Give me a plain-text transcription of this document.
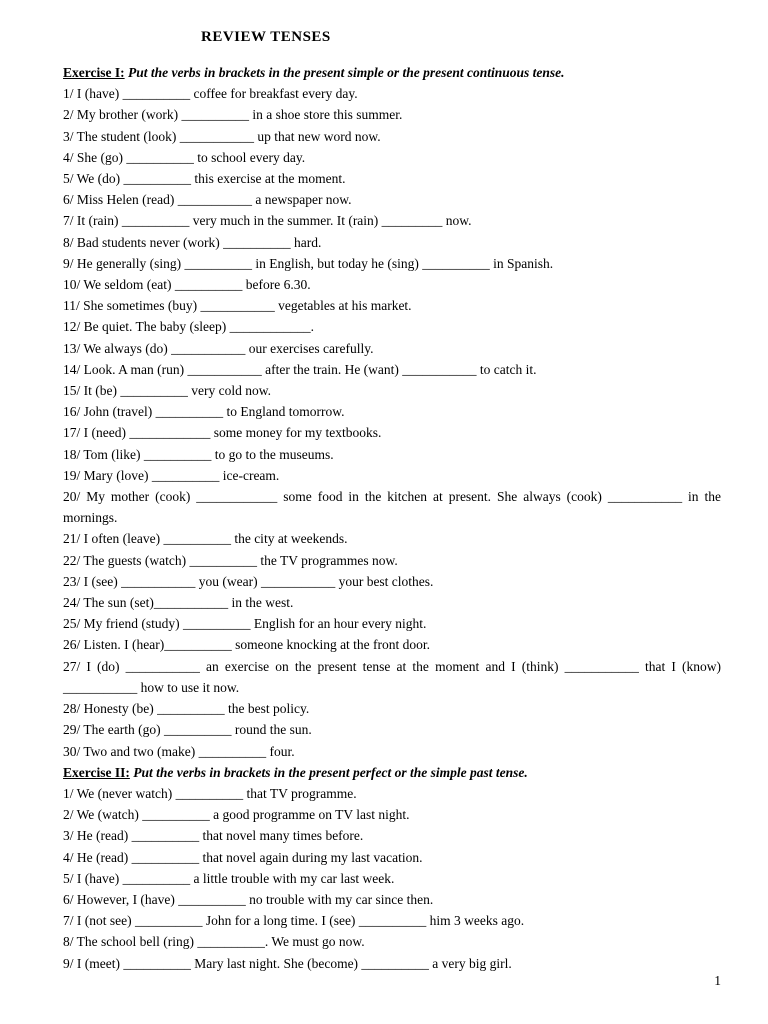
REVIEW TENSES
Exercise I: Put the verbs in brackets in the present simple or the present continuous tense.
1/ I (have) __________ coffee for breakfast every day.
2/ My brother (work) __________ in a shoe store this summer.
3/ The student (look) ___________ up that new word now.
4/ She (go) __________ to school every day.
5/ We (do) __________ this exercise at the moment.
6/ Miss Helen (read) ___________ a newspaper now.
7/ It (rain) __________ very much in the summer. It (rain) _________ now.
8/ Bad students never (work) __________ hard.
9/ He generally (sing) __________ in English, but today he (sing) __________ in Spanish.
10/ We seldom (eat) __________ before 6.30.
11/ She sometimes (buy) ___________ vegetables at his market.
12/ Be quiet. The baby (sleep) ____________.
13/ We always (do) ___________ our exercises carefully.
14/ Look. A man (run) ___________ after the train. He (want) ___________ to catch it.
15/ It (be) __________ very cold now.
16/ John (travel) __________ to England tomorrow.
17/ I (need) ____________ some money for my textbooks.
18/ Tom (like) __________ to go to the museums.
19/ Mary (love) __________ ice-cream.
20/ My mother (cook) ____________ some food in the kitchen at present. She always (cook) ___________ in the mornings.
21/ I often (leave) __________ the city at weekends.
22/ The guests (watch) __________ the TV programmes now.
23/ I (see) ___________ you (wear) ___________ your best clothes.
24/ The sun (set)___________ in the west.
25/ My friend (study) __________ English for an hour every night.
26/ Listen. I (hear)__________ someone knocking at the front door.
27/ I (do) ___________ an exercise on the present tense at the moment and I (think) ___________ that I (know) ___________ how to use it now.
28/ Honesty (be) __________ the best policy.
29/ The earth (go) __________ round the sun.
30/ Two and two (make) __________ four.
Exercise II: Put the verbs in brackets in the present perfect or the simple past tense.
1/ We (never watch) __________ that TV programme.
2/ We (watch) __________ a good programme on TV last night.
3/ He (read) __________ that novel many times before.
4/ He (read) __________ that novel again during my last vacation.
5/ I (have) __________ a little trouble with my car last week.
6/ However, I (have) __________ no trouble with my car since then.
7/ I (not see) __________ John for a long time. I (see) __________ him 3 weeks ago.
8/ The school bell (ring) __________. We must go now.
9/ I (meet) __________ Mary last night. She (become) __________ a very big girl.
1
